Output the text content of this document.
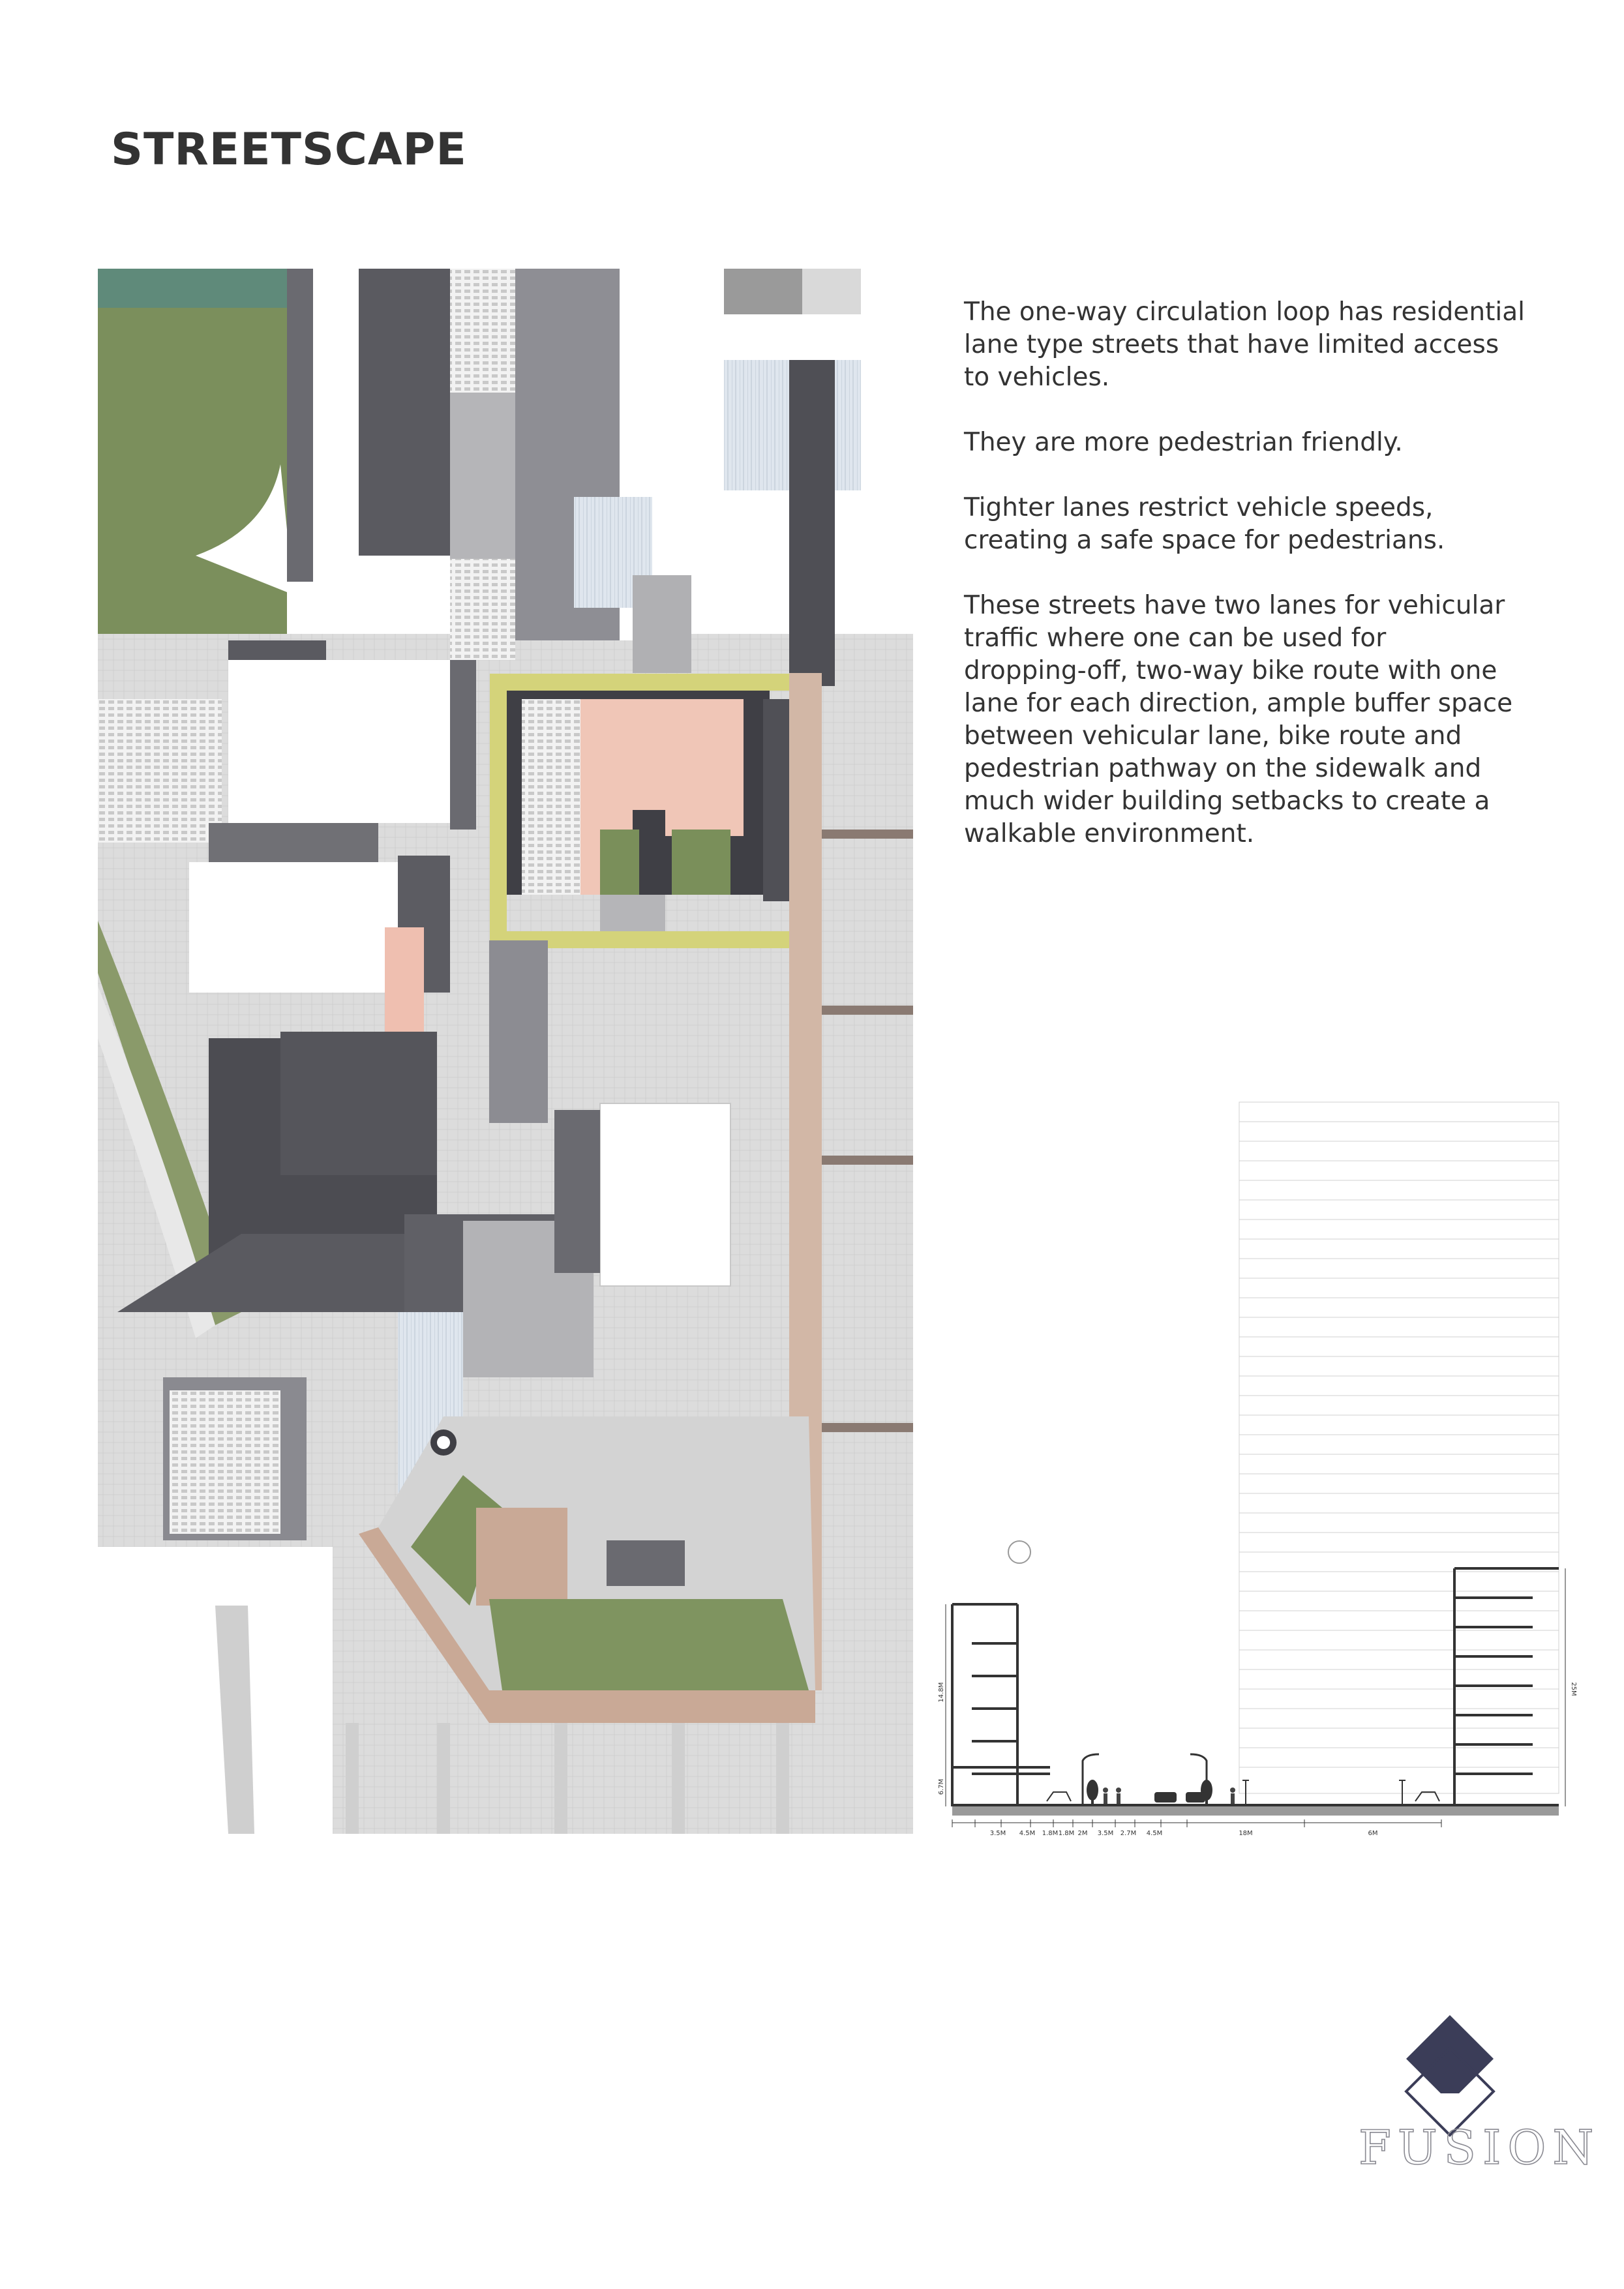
STREETSCAPE

The one-way circulation loop has residential
lane type streets that have limited access
to vehicles.

They are more pedestrian friendly.

Tighter lanes restrict vehicle speeds,
creating a safe space for pedestrians.

These streets have two lanes for vehicular
traffic where one can be used for
dropping-off, two-way bike route with one
lane for each direction, ample buffer space
between vehicular lane, bike route and
pedestrian pathway on the sidewalk and
much wider building setbacks to create a
walkable environment.

3.5M 4.5M 1.8M 1.8M 2M 3.5M 2.7M 4.5M	18M	6M
14.8M
6.7M
25M
FUSION
